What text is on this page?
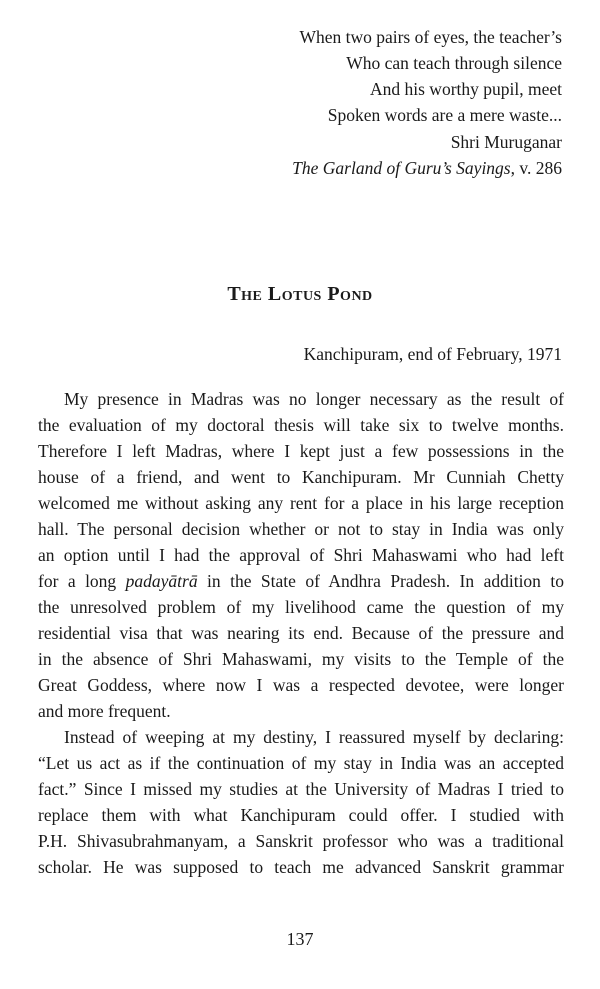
When two pairs of eyes, the teacher’s
Who can teach through silence
And his worthy pupil, meet
Spoken words are a mere waste...
Shri Muruganar
The Garland of Guru’s Sayings, v. 286
The Lotus Pond
Kanchipuram, end of February, 1971
My presence in Madras was no longer necessary as the result of
the evaluation of my doctoral thesis will take six to twelve months.
Therefore I left Madras, where I kept just a few possessions in the
house of a friend, and went to Kanchipuram. Mr Cunniah Chetty
welcomed me without asking any rent for a place in his large reception
hall. The personal decision whether or not to stay in India was only
an option until I had the approval of Shri Mahaswami who had left
for a long padayātrā in the State of Andhra Pradesh. In addition to
the unresolved problem of my livelihood came the question of my
residential visa that was nearing its end. Because of the pressure and
in the absence of Shri Mahaswami, my visits to the Temple of the
Great Goddess, where now I was a respected devotee, were longer
and more frequent.
Instead of weeping at my destiny, I reassured myself by declaring:
“Let us act as if the continuation of my stay in India was an accepted
fact.” Since I missed my studies at the University of Madras I tried to
replace them with what Kanchipuram could offer. I studied with
P.H. Shivasubrahmanyam, a Sanskrit professor who was a traditional
scholar. He was supposed to teach me advanced Sanskrit grammar
137
